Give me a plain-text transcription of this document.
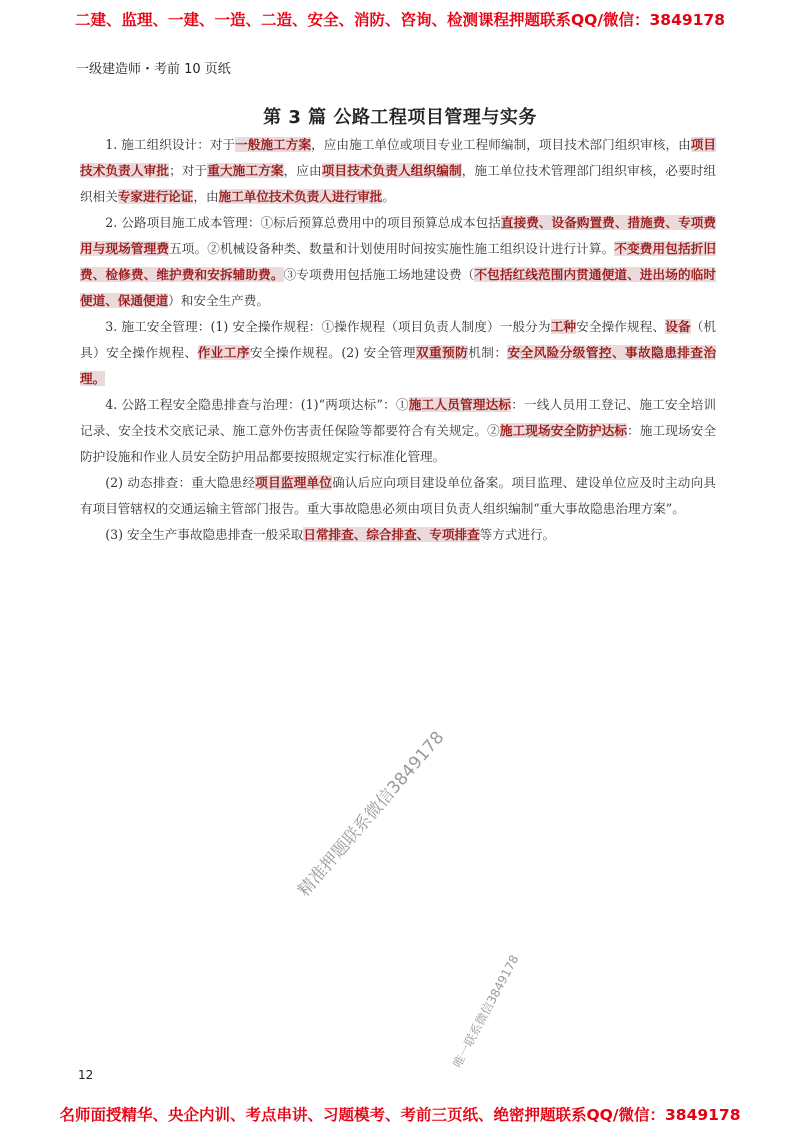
二建、监理、一建、一造、二造、安全、消防、咨询、检测课程押题联系QQ/微信：3849178
一级建造师・考前 10 页纸
第 3 篇 公路工程项目管理与实务

1. 施工组织设计：对于一般施工方案，应由施工单位或项目专业工程师编制，项目技术部门组织审核，由项目技术负责人审批；对于重大施工方案，应由项目技术负责人组织编制，施工单位技术管理部门组织审核，必要时组织相关专家进行论证，由施工单位技术负责人进行审批。

2. 公路项目施工成本管理：①标后预算总费用中的项目预算总成本包括直接费、设备购置费、措施费、专项费用与现场管理费五项。②机械设备种类、数量和计划使用时间按实施性施工组织设计进行计算。不变费用包括折旧费、检修费、维护费和安拆辅助费。③专项费用包括施工场地建设费（不包括红线范围内贯通便道、进出场的临时便道、保通便道）和安全生产费。

3. 施工安全管理：(1) 安全操作规程：①操作规程（项目负责人制度）一般分为工种安全操作规程、设备（机具）安全操作规程、作业工序安全操作规程。(2) 安全管理双重预防机制：安全风险分级管控、事故隐患排查治理。

4. 公路工程安全隐患排查与治理：(1)“两项达标”：①施工人员管理达标：一线人员用工登记、施工安全培训记录、安全技术交底记录、施工意外伤害责任保险等都要符合有关规定。②施工现场安全防护达标：施工现场安全防护设施和作业人员安全防护用品都要按照规定实行标准化管理。

(2) 动态排查：重大隐患经项目监理单位确认后应向项目建设单位备案。项目监理、建设单位应及时主动向具有项目管辖权的交通运输主管部门报告。重大事故隐患必须由项目负责人组织编制“重大事故隐患治理方案”。

(3) 安全生产事故隐患排查一般采取日常排查、综合排查、专项排查等方式进行。

精准押题联系微信3849178
唯一联系微信3849178
12
名师面授精华、央企内训、考点串讲、习题模考、考前三页纸、绝密押题联系QQ/微信：3849178
